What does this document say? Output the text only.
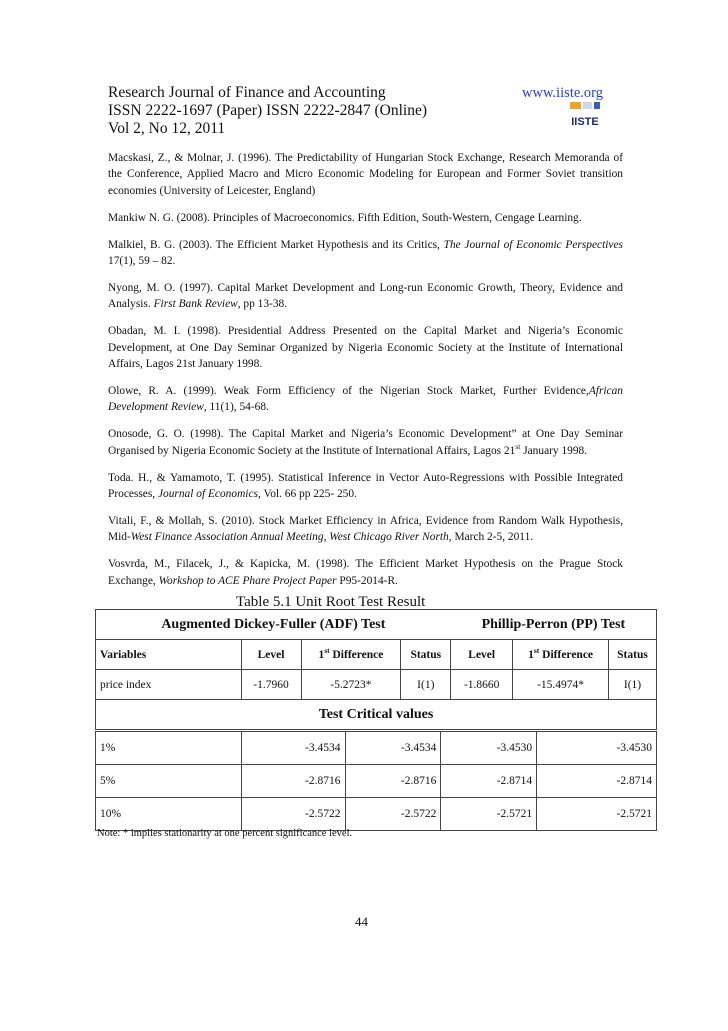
Research Journal of Finance and Accounting	www.iiste.org
ISSN 2222-1697 (Paper) ISSN 2222-2847 (Online)
Vol 2, No 12, 2011	IISTE

Macskasi, Z., & Molnar, J. (1996). The Predictability of Hungarian Stock Exchange, Research Memoranda of the Conference, Applied Macro and Micro Economic Modeling for European and Former Soviet transition economies (University of Leicester, England)

Mankiw N. G. (2008). Principles of Macroeconomics. Fifth Edition, South-Western, Cengage Learning.

Malkiel, B. G. (2003). The Efficient Market Hypothesis and its Critics, The Journal of Economic Perspectives 17(1), 59 – 82.

Nyong, M. O. (1997). Capital Market Development and Long-run Economic Growth, Theory, Evidence and Analysis. First Bank Review, pp 13-38.

Obadan, M. I. (1998). Presidential Address Presented on the Capital Market and Nigeria’s Economic Development, at One Day Seminar Organized by Nigeria Economic Society at the Institute of International Affairs, Lagos 21st January 1998.

Olowe, R. A. (1999). Weak Form Efficiency of the Nigerian Stock Market, Further Evidence,African Development Review, 11(1), 54-68.

Onosode, G. O. (1998). The Capital Market and Nigeria’s Economic Development” at One Day Seminar Organised by Nigeria Economic Society at the Institute of International Affairs, Lagos 21st January 1998.

Toda. H., & Yamamoto, T. (1995). Statistical Inference in Vector Auto-Regressions with Possible Integrated Processes, Journal of Economics, Vol. 66 pp 225- 250.

Vitali, F., & Mollah, S. (2010). Stock Market Efficiency in Africa, Evidence from Random Walk Hypothesis, Mid-West Finance Association Annual Meeting, West Chicago River North, March 2-5, 2011.

Vosvrda, M., Filacek, J., & Kapicka, M. (1998). The Efficient Market Hypothesis on the Prague Stock Exchange, Workshop to ACE Phare Project Paper P95-2014-R.

Table 5.1 Unit Root Test Result
Augmented Dickey-Fuller (ADF) Test				Phillip-Perron (PP) Test		
Variables	Level	1st Difference	Status	Level	1st Difference	Status
price index	-1.7960	-5.2723*	I(1)	-1.8660	-15.4974*	I(1)
Test Critical values						
1%	-3.4534	-3.4534	-3.4530	-3.4530
5%	-2.8716	-2.8716	-2.8714	-2.8714
10%	-2.5722	-2.5722	-2.5721	-2.5721
Note: * implies stationarity at one percent significance level.
44
